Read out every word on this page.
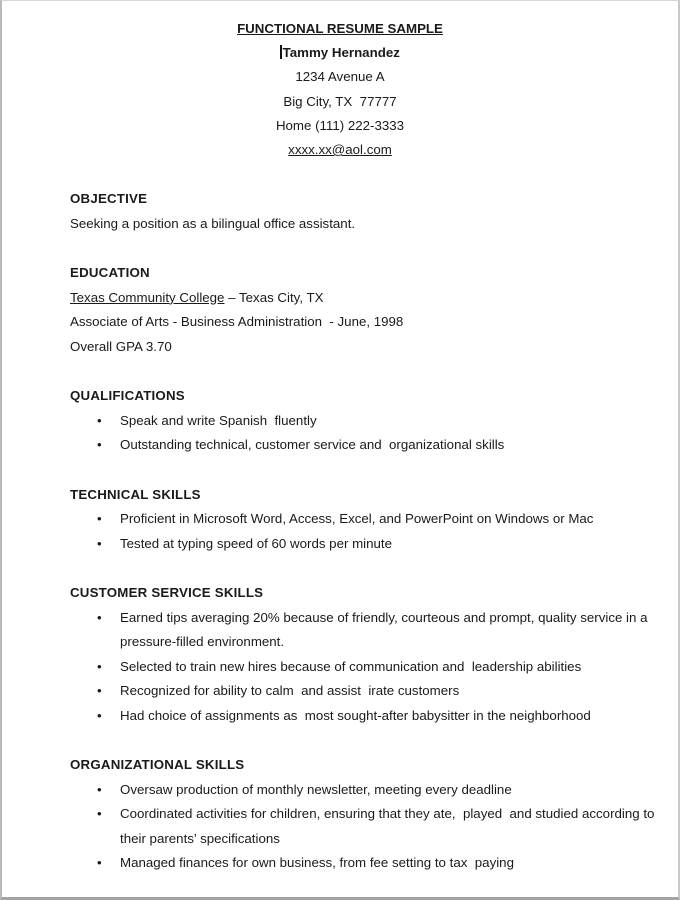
FUNCTIONAL RESUME SAMPLE
Tammy Hernandez
1234 Avenue A
Big City, TX  77777
Home (111) 222-3333
xxxx.xx@aol.com
OBJECTIVE
Seeking a position as a bilingual office assistant.
EDUCATION
Texas Community College – Texas City, TX
Associate of Arts - Business Administration  - June, 1998
Overall GPA 3.70
QUALIFICATIONS
•	Speak and write Spanish  fluently
•	Outstanding technical, customer service and  organizational skills
TECHNICAL SKILLS
•	Proficient in Microsoft Word, Access, Excel, and PowerPoint on Windows or Mac
•	Tested at typing speed of 60 words per minute
CUSTOMER SERVICE SKILLS
•	Earned tips averaging 20% because of friendly, courteous and prompt, quality service in a pressure-filled environment.
•	Selected to train new hires because of communication and  leadership abilities
•	Recognized for ability to calm  and assist  irate customers
•	Had choice of assignments as  most sought-after babysitter in the neighborhood
ORGANIZATIONAL SKILLS
•	Oversaw production of monthly newsletter, meeting every deadline
•	Coordinated activities for children, ensuring that they ate,  played  and studied according to their parents’ specifications
•	Managed finances for own business, from fee setting to tax  paying
